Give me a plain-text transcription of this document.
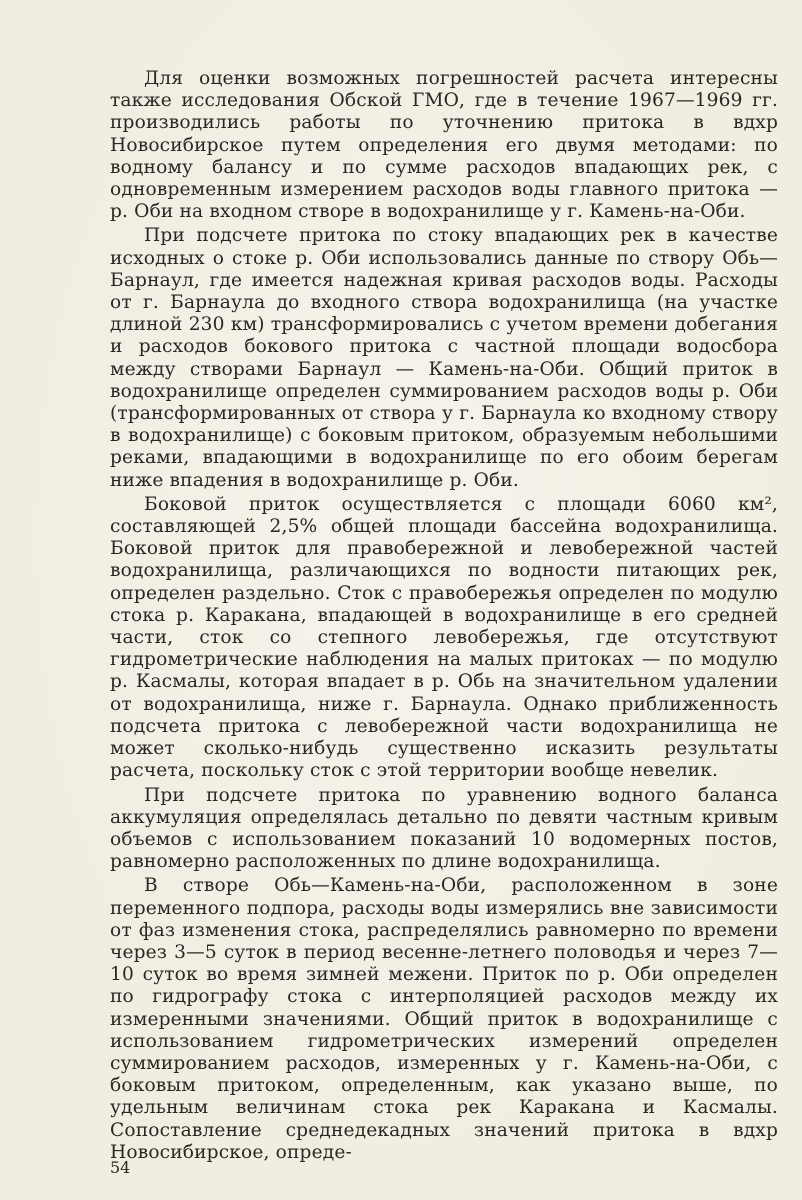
Для оценки возможных погрешностей расчета интересны также исследования Обской ГМО, где в течение 1967—1969 гг. производились работы по уточнению притока в вдхр Новосибирское путем определения его двумя методами: по водному балансу и по сумме расходов впадающих рек, с одновременным измерением расходов воды главного притока — р. Оби на входном створе в водохранилище у г. Камень-на-Оби.

При подсчете притока по стоку впадающих рек в качестве исходных о стоке р. Оби использовались данные по створу Обь—Барнаул, где имеется надежная кривая расходов воды. Расходы от г. Барнаула до входного створа водохранилища (на участке длиной 230 км) трансформировались с учетом времени добегания и расходов бокового притока с частной площади водосбора между створами Барнаул — Камень-на-Оби. Общий приток в водохранилище определен суммированием расходов воды р. Оби (трансформированных от створа у г. Барнаула ко входному створу в водохранилище) с боковым притоком, образуемым небольшими реками, впадающими в водохранилище по его обоим берегам ниже впадения в водохранилище р. Оби.

Боковой приток осуществляется с площади 6060 км², составляющей 2,5% общей площади бассейна водохранилища. Боковой приток для правобережной и левобережной частей водохранилища, различающихся по водности питающих рек, определен раздельно. Сток с правобережья определен по модулю стока р. Каракана, впадающей в водохранилище в его средней части, сток со степного левобережья, где отсутствуют гидрометрические наблюдения на малых притоках — по модулю р. Касмалы, которая впадает в р. Обь на значительном удалении от водохранилища, ниже г. Барнаула. Однако приближенность подсчета притока с левобережной части водохранилища не может сколько-нибудь существенно исказить результаты расчета, поскольку сток с этой территории вообще невелик.

При подсчете притока по уравнению водного баланса аккумуляция определялась детально по девяти частным кривым объемов с использованием показаний 10 водомерных постов, равномерно расположенных по длине водохранилища.

В створе Обь—Камень-на-Оби, расположенном в зоне переменного подпора, расходы воды измерялись вне зависимости от фаз изменения стока, распределялись равномерно по времени через 3—5 суток в период весенне-летнего половодья и через 7—10 суток во время зимней межени. Приток по р. Оби определен по гидрографу стока с интерполяцией расходов между их измеренными значениями. Общий приток в водохранилище с использованием гидрометрических измерений определен суммированием расходов, измеренных у г. Камень-на-Оби, с боковым притоком, определенным, как указано выше, по удельным величинам стока рек Каракана и Касмалы. Сопоставление среднедекадных значений притока в вдхр Новосибирское, опреде-

54
